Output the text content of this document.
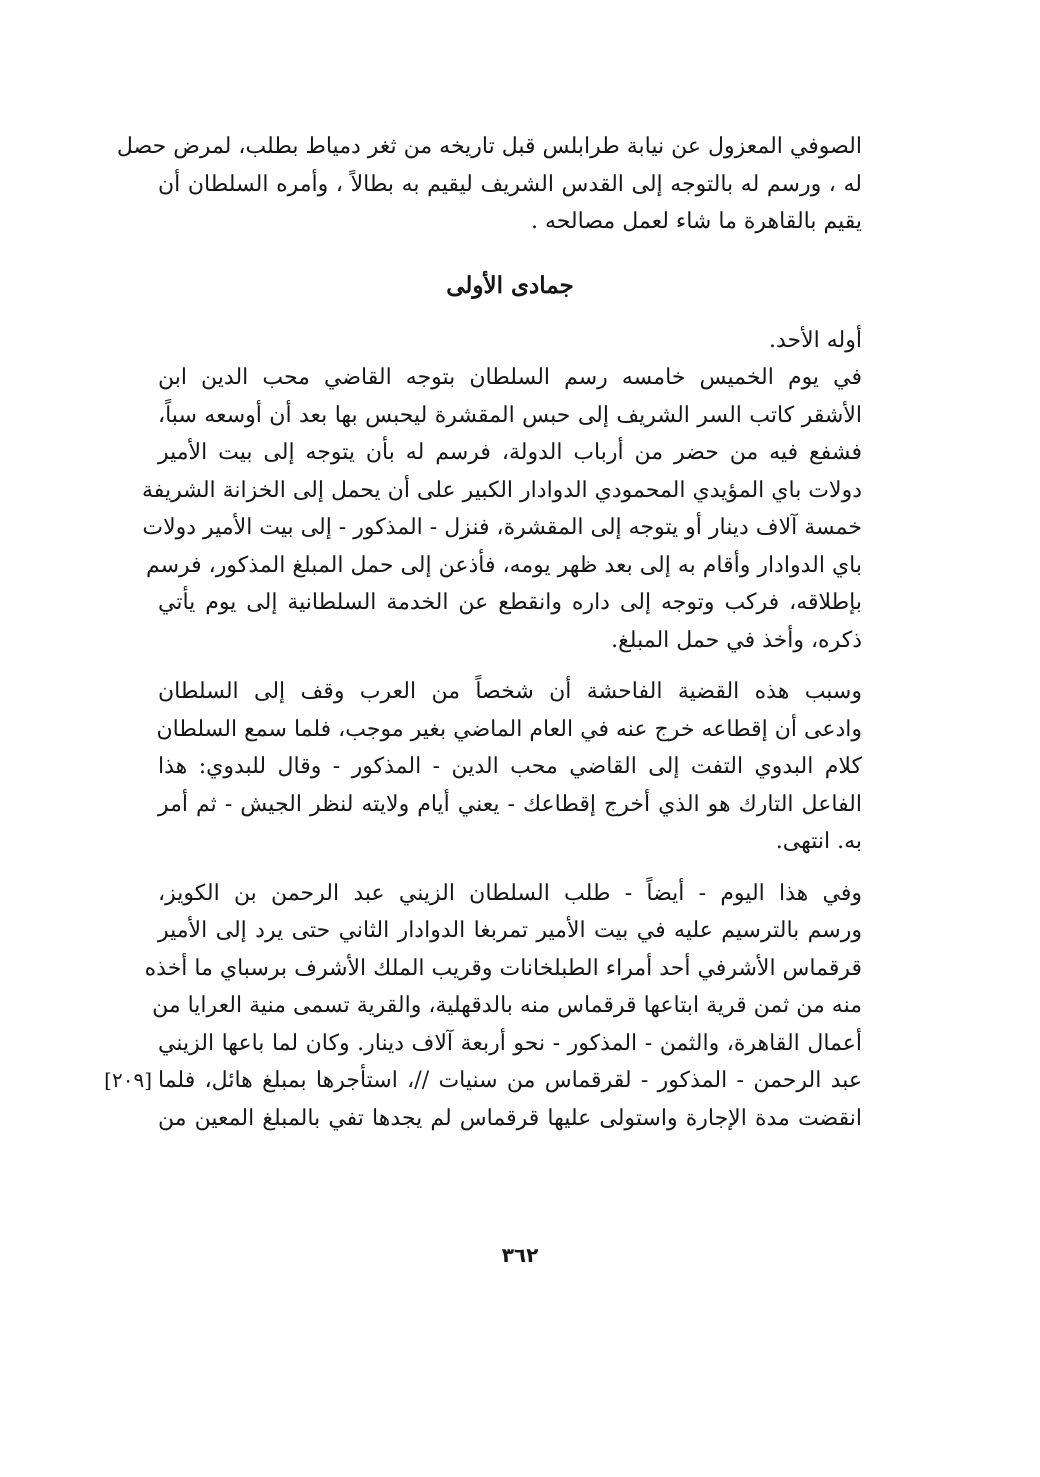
الصوفي المعزول عن نيابة طرابلس قبل تاريخه من ثغر دمياط بطلب، لمرض حصل
له ، ورسم له بالتوجه إلى القدس الشريف ليقيم به بطالاً ، وأمره السلطان أن
يقيم بالقاهرة ما شاء لعمل مصالحه .
جمادى الأولى
أوله الأحد.
في يوم الخميس خامسه رسم السلطان بتوجه القاضي محب الدين ابن
الأشقر كاتب السر الشريف إلى حبس المقشرة ليحبس بها بعد أن أوسعه سباً،
فشفع فيه من حضر من أرباب الدولة، فرسم له بأن يتوجه إلى بيت الأمير
دولات باي المؤيدي المحمودي الدوادار الكبير على أن يحمل إلى الخزانة الشريفة
خمسة آلاف دينار أو يتوجه إلى المقشرة، فنزل - المذكور - إلى بيت الأمير دولات
باي الدوادار وأقام به إلى بعد ظهر يومه، فأذعن إلى حمل المبلغ المذكور، فرسم
بإطلاقه، فركب وتوجه إلى داره وانقطع عن الخدمة السلطانية إلى يوم يأتي
ذكره، وأخذ في حمل المبلغ.
وسبب هذه القضية الفاحشة أن شخصاً من العرب وقف إلى السلطان
وادعى أن إقطاعه خرج عنه في العام الماضي بغير موجب، فلما سمع السلطان
كلام البدوي التفت إلى القاضي محب الدين - المذكور - وقال للبدوي: هذا
الفاعل التارك هو الذي أخرج إقطاعك - يعني أيام ولايته لنظر الجيش - ثم أمر
به. انتهى.
وفي هذا اليوم - أيضاً - طلب السلطان الزيني عبد الرحمن بن الكويز،
ورسم بالترسيم عليه في بيت الأمير تمربغا الدوادار الثاني حتى يرد إلى الأمير
قرقماس الأشرفي أحد أمراء الطبلخانات وقريب الملك الأشرف برسباي ما أخذه
منه من ثمن قرية ابتاعها قرقماس منه بالدقهلية، والقرية تسمى منية العرايا من
أعمال القاهرة، والثمن - المذكور - نحو أربعة آلاف دينار. وكان لما باعها الزيني
[٢٠٩] عبد الرحمن - المذكور - لقرقماس من سنيات //، استأجرها بمبلغ هائل، فلما
انقضت مدة الإجارة واستولى عليها قرقماس لم يجدها تفي بالمبلغ المعين من
٣٦٢
